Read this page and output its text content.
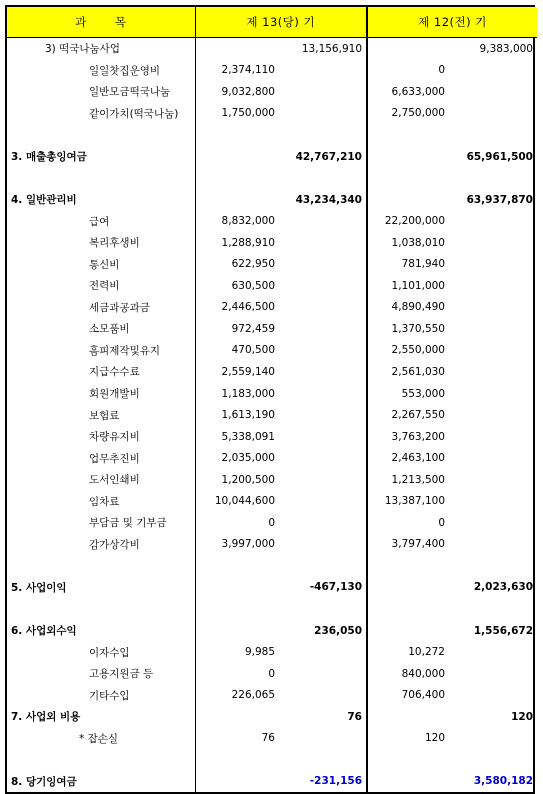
과 목	제 13(당) 기		제 12(전) 기	
3) 떡국나눔사업		13,156,910		9,383,000
일일찻집운영비	2,374,110		0	
일반모금떡국나눔	9,032,800		6,633,000	
같이가치(떡국나눔)	1,750,000		2,750,000	

3. 매출총잉여금		42,767,210		65,961,500

4. 일반관리비		43,234,340		63,937,870
급여	8,832,000		22,200,000	
복리후생비	1,288,910		1,038,010	
통신비	622,950		781,940	
전력비	630,500		1,101,000	
세금과공과금	2,446,500		4,890,490	
소모품비	972,459		1,370,550	
홈피제작및유지	470,500		2,550,000	
지급수수료	2,559,140		2,561,030	
회원개발비	1,183,000		553,000	
보험료	1,613,190		2,267,550	
차량유지비	5,338,091		3,763,200	
업무추진비	2,035,000		2,463,100	
도서인쇄비	1,200,500		1,213,500	
임차료	10,044,600		13,387,100	
부담금 및 기부금	0		0	
감가상각비	3,997,000		3,797,400	

5. 사업이익		-467,130		2,023,630

6. 사업외수익		236,050		1,556,672
이자수입	9,985		10,272	
고용지원금 등	0		840,000	
기타수입	226,065		706,400	
7. 사업외 비용		76		120
* 잡손실	76		120	

8. 당기잉여금		-231,156		3,580,182
